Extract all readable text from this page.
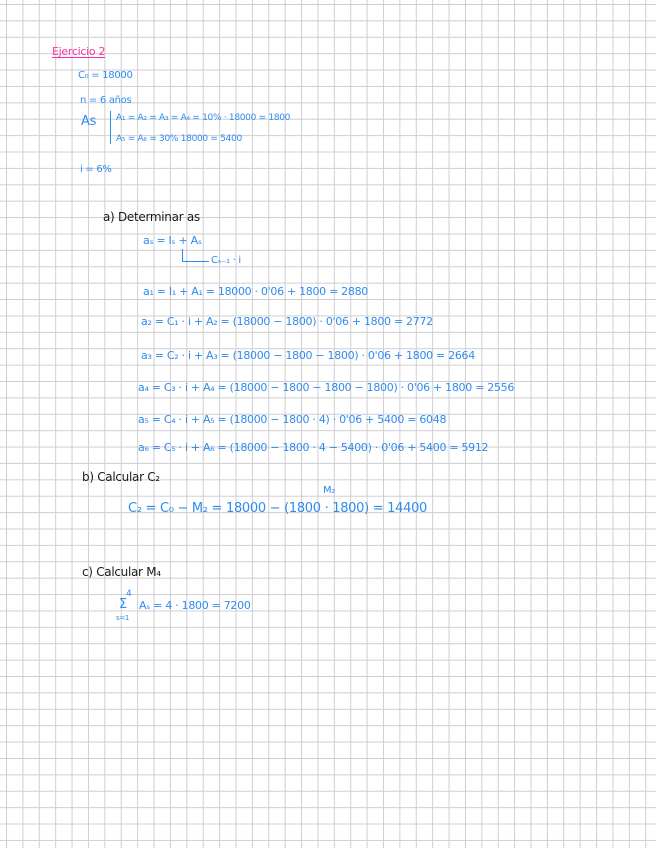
Ejercicio 2
C₀ = 18000
n = 6 años
As A₁ = A₂ = A₃ = A₄ = 10% · 18000 = 1800
A₅ = A₆ = 30% 18000 = 5400
i = 6%
a) Determinar as
aₛ = Iₛ + Aₛ
Cₛ₋₁ · i
a₁ = I₁ + A₁ = 18000 · 0'06 + 1800 = 2880
a₂ = C₁ · i + A₂ = (18000 − 1800) · 0'06 + 1800 = 2772
a₃ = C₂ · i + A₃ = (18000 − 1800 − 1800) · 0'06 + 1800 = 2664
a₄ = C₃ · i + A₄ = (18000 − 1800 − 1800 − 1800) · 0'06 + 1800 = 2556
a₅ = C₄ · i + A₅ = (18000 − 1800 · 4) · 0'06 + 5400 = 6048
a₆ = C₅ · i + A₆ = (18000 − 1800 · 4 − 5400) · 0'06 + 5400 = 5912
b) Calcular C₂
M₂
C₂ = C₀ − M₂ = 18000 − (1800 · 1800) = 14400
c) Calcular M₄
4
Σ
s=1
Aₛ = 4 · 1800 = 7200
